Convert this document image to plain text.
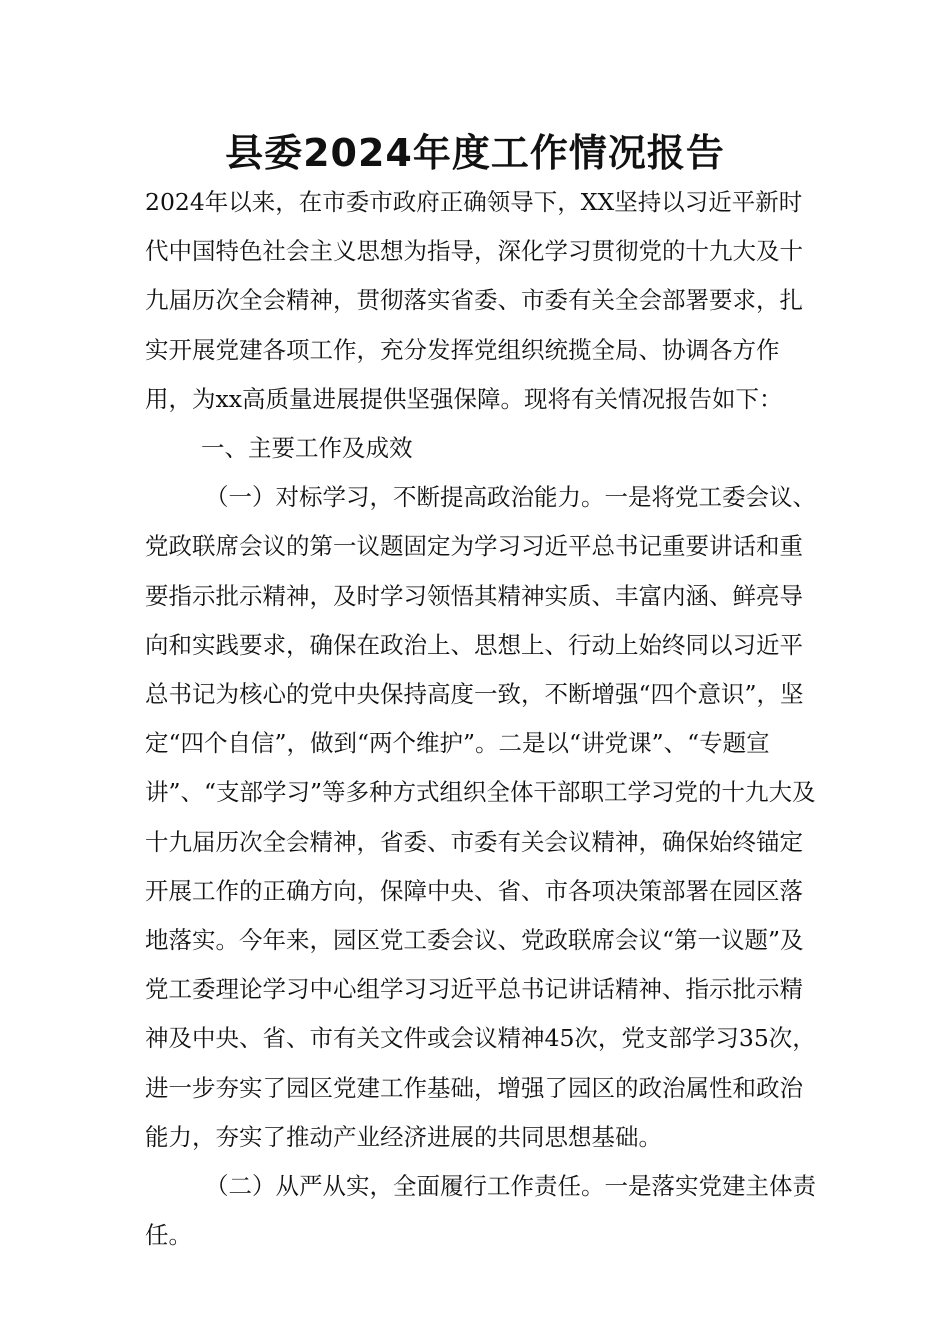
县委2024年度工作情况报告

2024年以来，在市委市政府正确领导下，XX坚持以习近平新时代中国特色社会主义思想为指导，深化学习贯彻党的十九大及十九届历次全会精神，贯彻落实省委、市委有关全会部署要求，扎实开展党建各项工作，充分发挥党组织统揽全局、协调各方作用，为xx高质量进展提供坚强保障。现将有关情况报告如下：

一、主要工作及成效

（一）对标学习，不断提高政治能力。一是将党工委会议、党政联席会议的第一议题固定为学习习近平总书记重要讲话和重要指示批示精神，及时学习领悟其精神实质、丰富内涵、鲜亮导向和实践要求，确保在政治上、思想上、行动上始终同以习近平总书记为核心的党中央保持高度一致，不断增强“四个意识”，坚定“四个自信”，做到“两个维护”。二是以“讲党课”、“专题宣讲”、“支部学习”等多种方式组织全体干部职工学习党的十九大及十九届历次全会精神，省委、市委有关会议精神，确保始终锚定开展工作的正确方向，保障中央、省、市各项决策部署在园区落地落实。今年来，园区党工委会议、党政联席会议“第一议题”及党工委理论学习中心组学习习近平总书记讲话精神、指示批示精神及中央、省、市有关文件或会议精神45次，党支部学习35次，进一步夯实了园区党建工作基础，增强了园区的政治属性和政治能力，夯实了推动产业经济进展的共同思想基础。

（二）从严从实，全面履行工作责任。一是落实党建主体责任。
